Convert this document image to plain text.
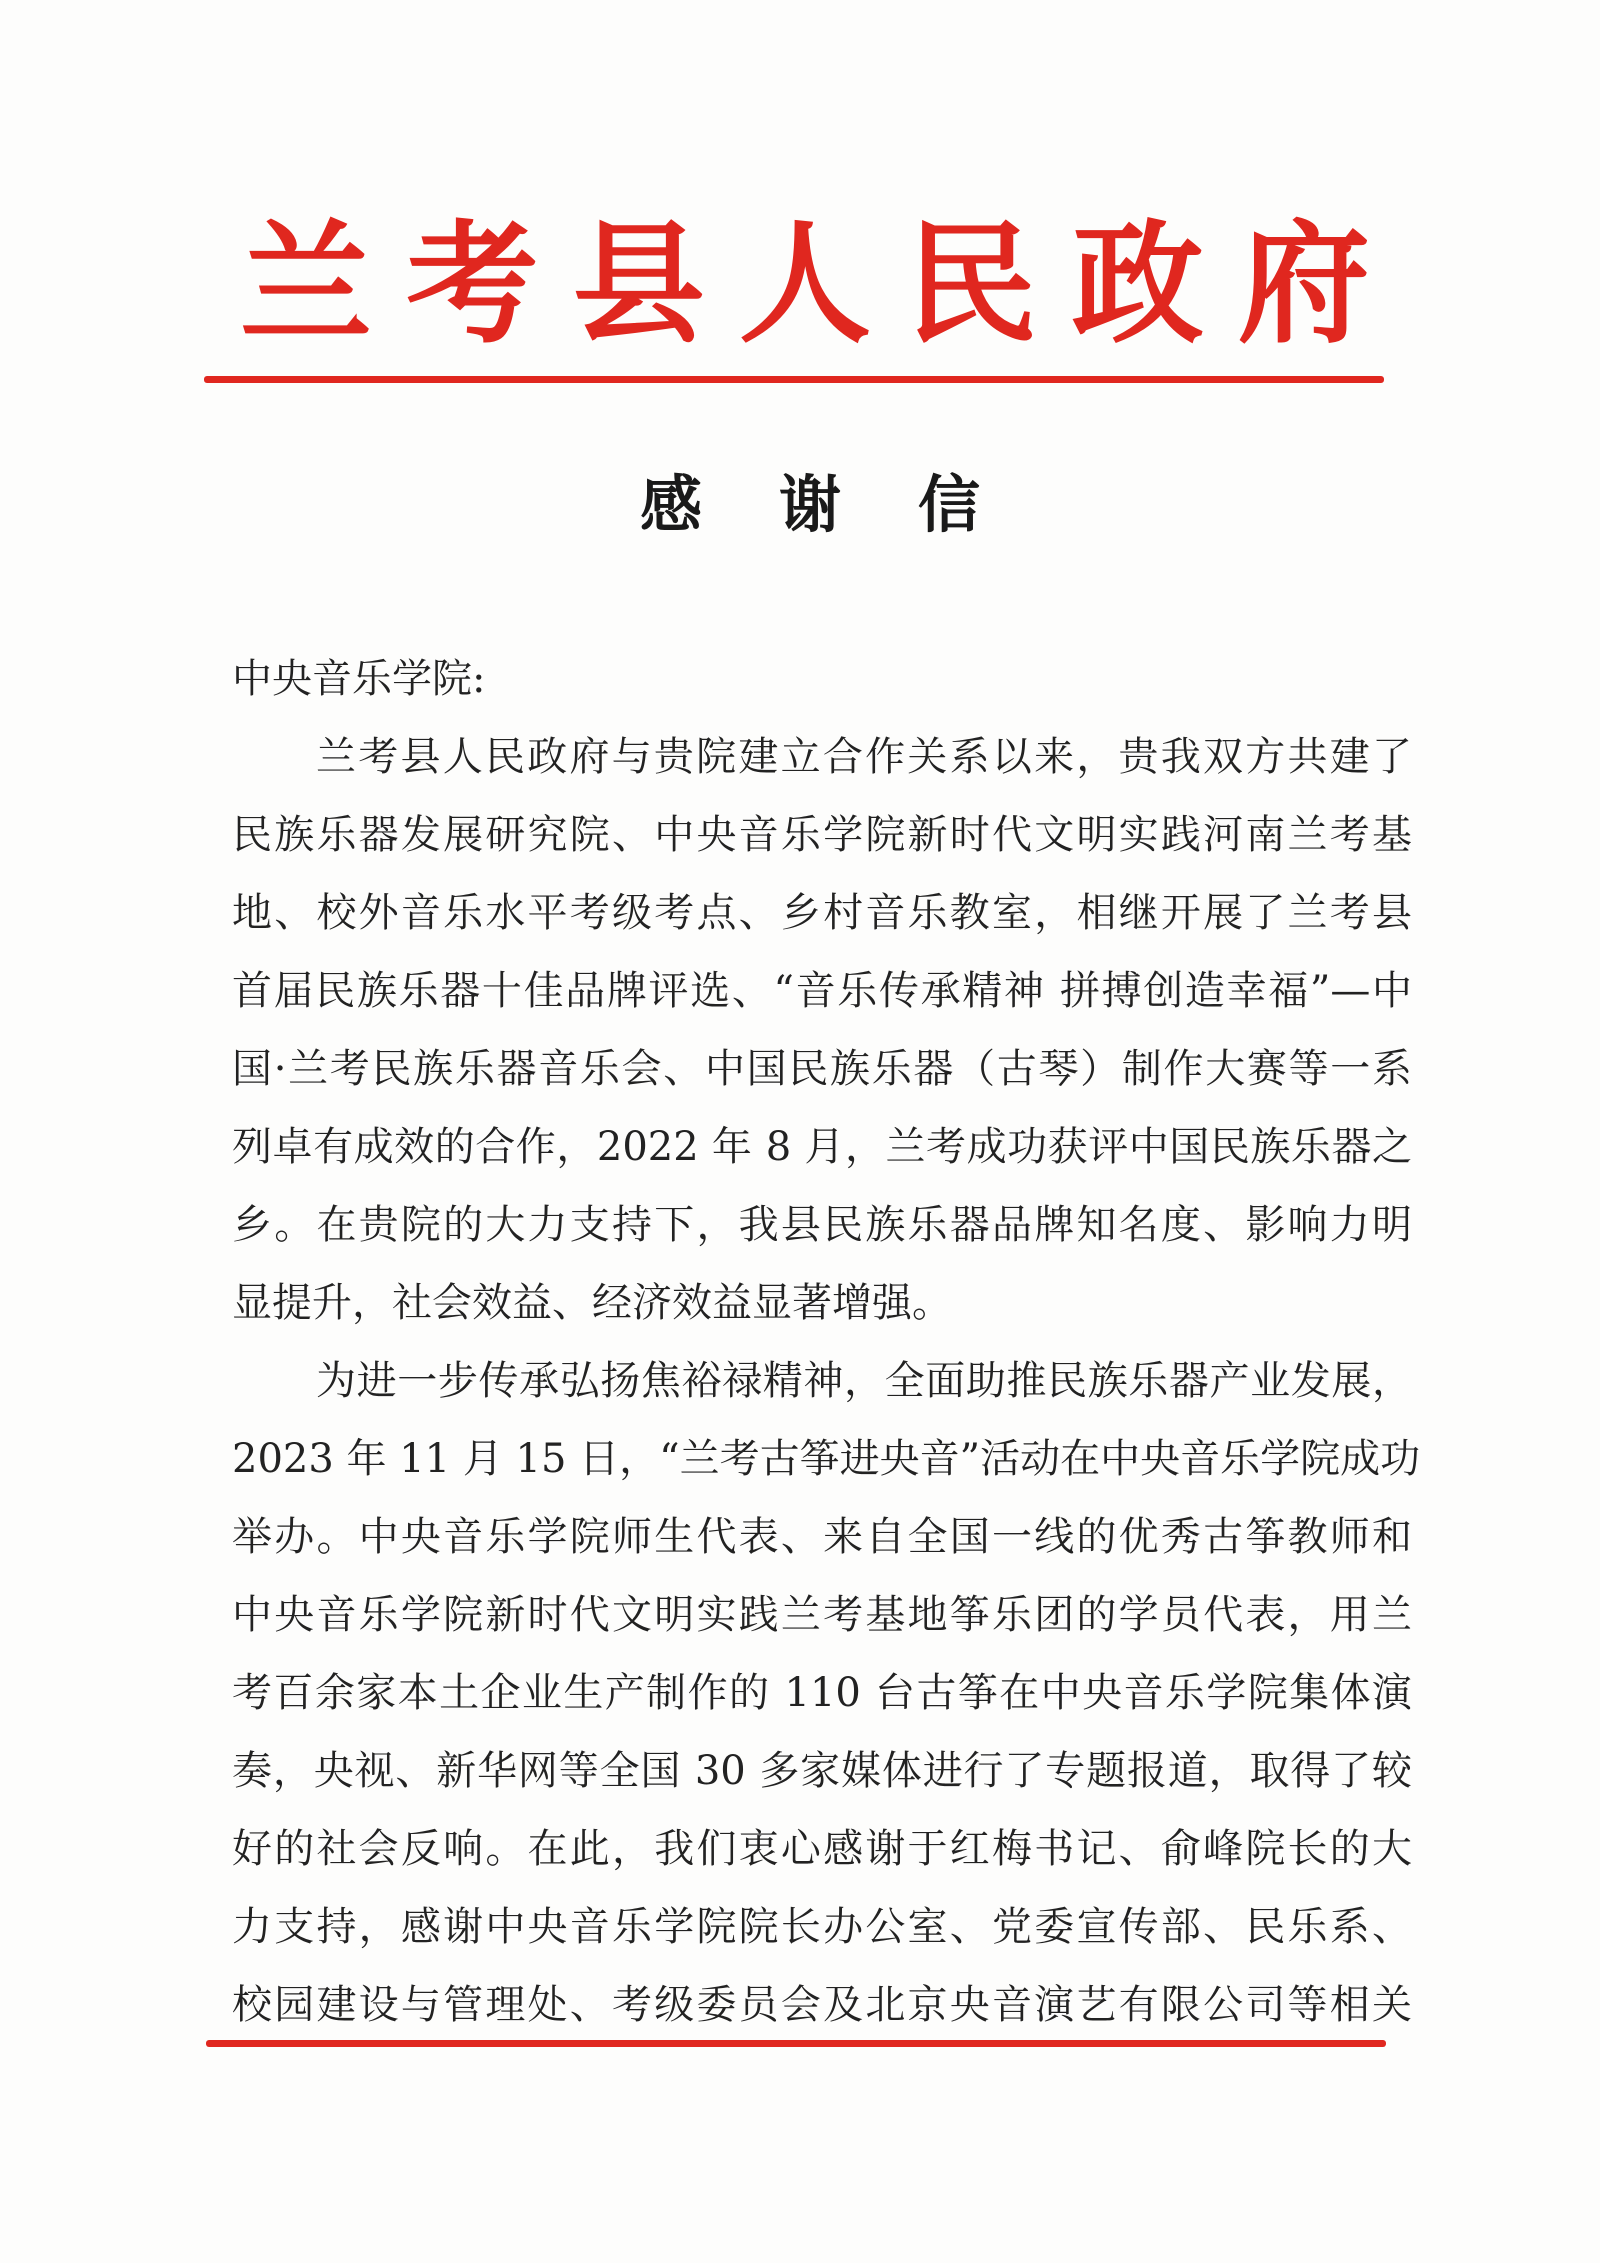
兰 考 县 人 民 政 府
感 谢 信
中央音乐学院:
兰考县人民政府与贵院建立合作关系以来，贵我双方共建了
民族乐器发展研究院、中央音乐学院新时代文明实践河南兰考基
地、校外音乐水平考级考点、乡村音乐教室，相继开展了兰考县
首届民族乐器十佳品牌评选、“音乐传承精神 拼搏创造幸福”—中
国·兰考民族乐器音乐会、中国民族乐器（古琴）制作大赛等一系
列卓有成效的合作，2022 年 8 月，兰考成功获评中国民族乐器之
乡。在贵院的大力支持下，我县民族乐器品牌知名度、影响力明
显提升，社会效益、经济效益显著增强。
为进一步传承弘扬焦裕禄精神，全面助推民族乐器产业发展，
2023 年 11 月 15 日，“兰考古筝进央音”活动在中央音乐学院成功
举办。中央音乐学院师生代表、来自全国一线的优秀古筝教师和
中央音乐学院新时代文明实践兰考基地筝乐团的学员代表，用兰
考百余家本土企业生产制作的 110 台古筝在中央音乐学院集体演
奏，央视、新华网等全国 30 多家媒体进行了专题报道，取得了较
好的社会反响。在此，我们衷心感谢于红梅书记、俞峰院长的大
力支持，感谢中央音乐学院院长办公室、党委宣传部、民乐系、
校园建设与管理处、考级委员会及北京央音演艺有限公司等相关
